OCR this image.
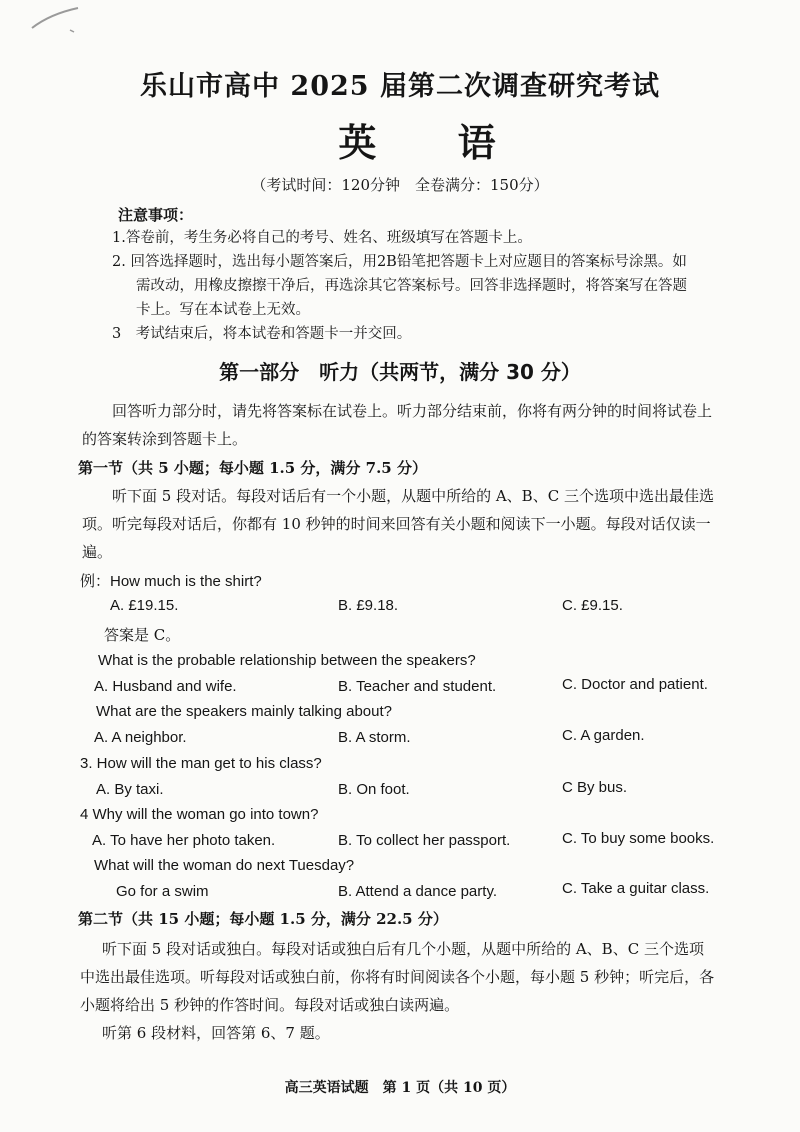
乐山市高中 2025 届第二次调查研究考试
英 语
（考试时间：120分钟　全卷满分：150分）
注意事项：
1.答卷前，考生务必将自己的考号、姓名、班级填写在答题卡上。
2. 回答选择题时，选出每小题答案后，用2B铅笔把答题卡上对应题目的答案标号涂黑。如
需改动，用橡皮擦擦干净后，再选涂其它答案标号。回答非选择题时，将答案写在答题
卡上。写在本试卷上无效。
3　考试结束后，将本试卷和答题卡一并交回。
第一部分　听力（共两节，满分 30 分）
回答听力部分时，请先将答案标在试卷上。听力部分结束前，你将有两分钟的时间将试卷上
的答案转涂到答题卡上。
第一节（共 5 小题；每小题 1.5 分，满分 7.5 分）
听下面 5 段对话。每段对话后有一个小题，从题中所给的 A、B、C 三个选项中选出最佳选
项。听完每段对话后，你都有 10 秒钟的时间来回答有关小题和阅读下一小题。每段对话仅读一
遍。
例：How much is the shirt?
A. £19.15.	B. £9.18.	C. £9.15.
答案是 C。
What is the probable relationship between the speakers?
A. Husband and wife.	B. Teacher and student.	C. Doctor and patient.
What are the speakers mainly talking about?
A. A neighbor.	B. A storm.	C. A garden.
3. How will the man get to his class?
A. By taxi.	B. On foot.	C By bus.
4 Why will the woman go into town?
A. To have her photo taken.	B. To collect her passport.	C. To buy some books.
What will the woman do next Tuesday?
Go for a swim	B. Attend a dance party.	C. Take a guitar class.
第二节（共 15 小题；每小题 1.5 分，满分 22.5 分）
听下面 5 段对话或独白。每段对话或独白后有几个小题，从题中所给的 A、B、C 三个选项
中选出最佳选项。听每段对话或独白前，你将有时间阅读各个小题，每小题 5 秒钟；听完后，各
小题将给出 5 秒钟的作答时间。每段对话或独白读两遍。
听第 6 段材料，回答第 6、7 题。
高三英语试题　第 1 页（共 10 页）
